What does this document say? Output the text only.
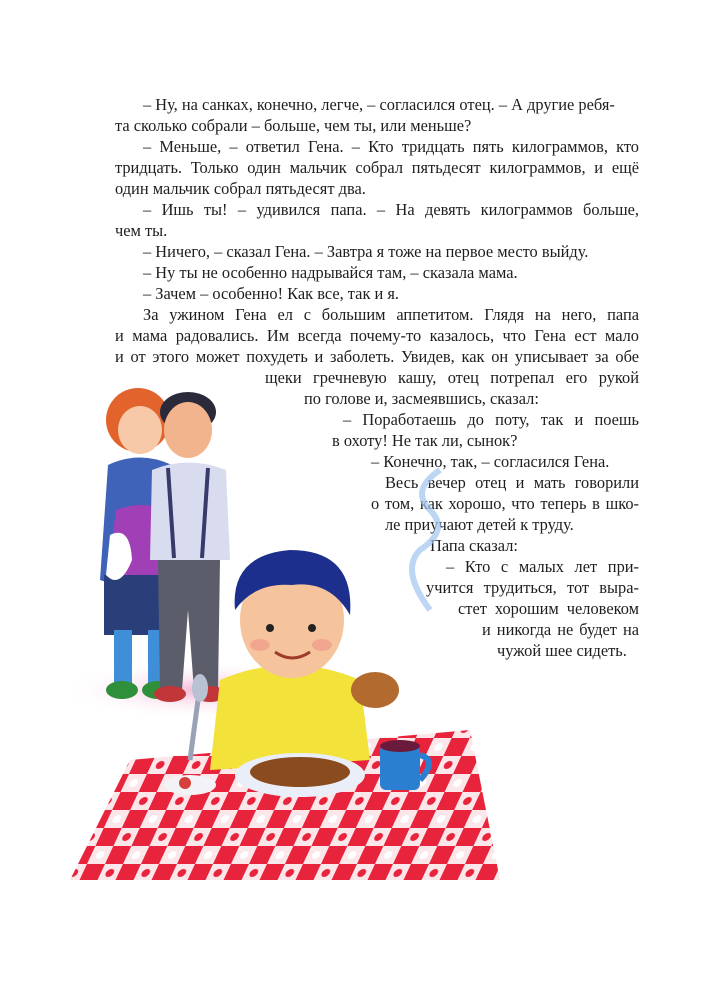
– Ну, на санках, конечно, легче, – согласился отец. – А другие ребя-
та сколько собрали – больше, чем ты, или меньше?
– Меньше, – ответил Гена. – Кто тридцать пять килограммов, кто
тридцать. Только один мальчик собрал пятьдесят килограммов, и ещё
один мальчик собрал пятьдесят два.
– Ишь ты! – удивился папа. – На девять килограммов больше,
чем ты.
– Ничего, – сказал Гена. – Завтра я тоже на первое место выйду.
– Ну ты не особенно надрывайся там, – сказала мама.
– Зачем – особенно! Как все, так и я.
За ужином Гена ел с большим аппетитом. Глядя на него, папа
и мама радовались. Им всегда почему-то казалось, что Гена ест мало
и от этого может похудеть и заболеть. Увидев, как он уписывает за обе
щеки гречневую кашу, отец потрепал его рукой
по голове и, засмеявшись, сказал:
– Поработаешь до поту, так и поешь
в охоту! Не так ли, сынок?
– Конечно, так, – согласился Гена.
Весь вечер отец и мать говорили
о том, как хорошо, что теперь в шко-
ле приучают детей к труду.
Папа сказал:
– Кто с малых лет при-
учится трудиться, тот выра-
стет хорошим человеком
и никогда не будет на
чужой шее сидеть.
